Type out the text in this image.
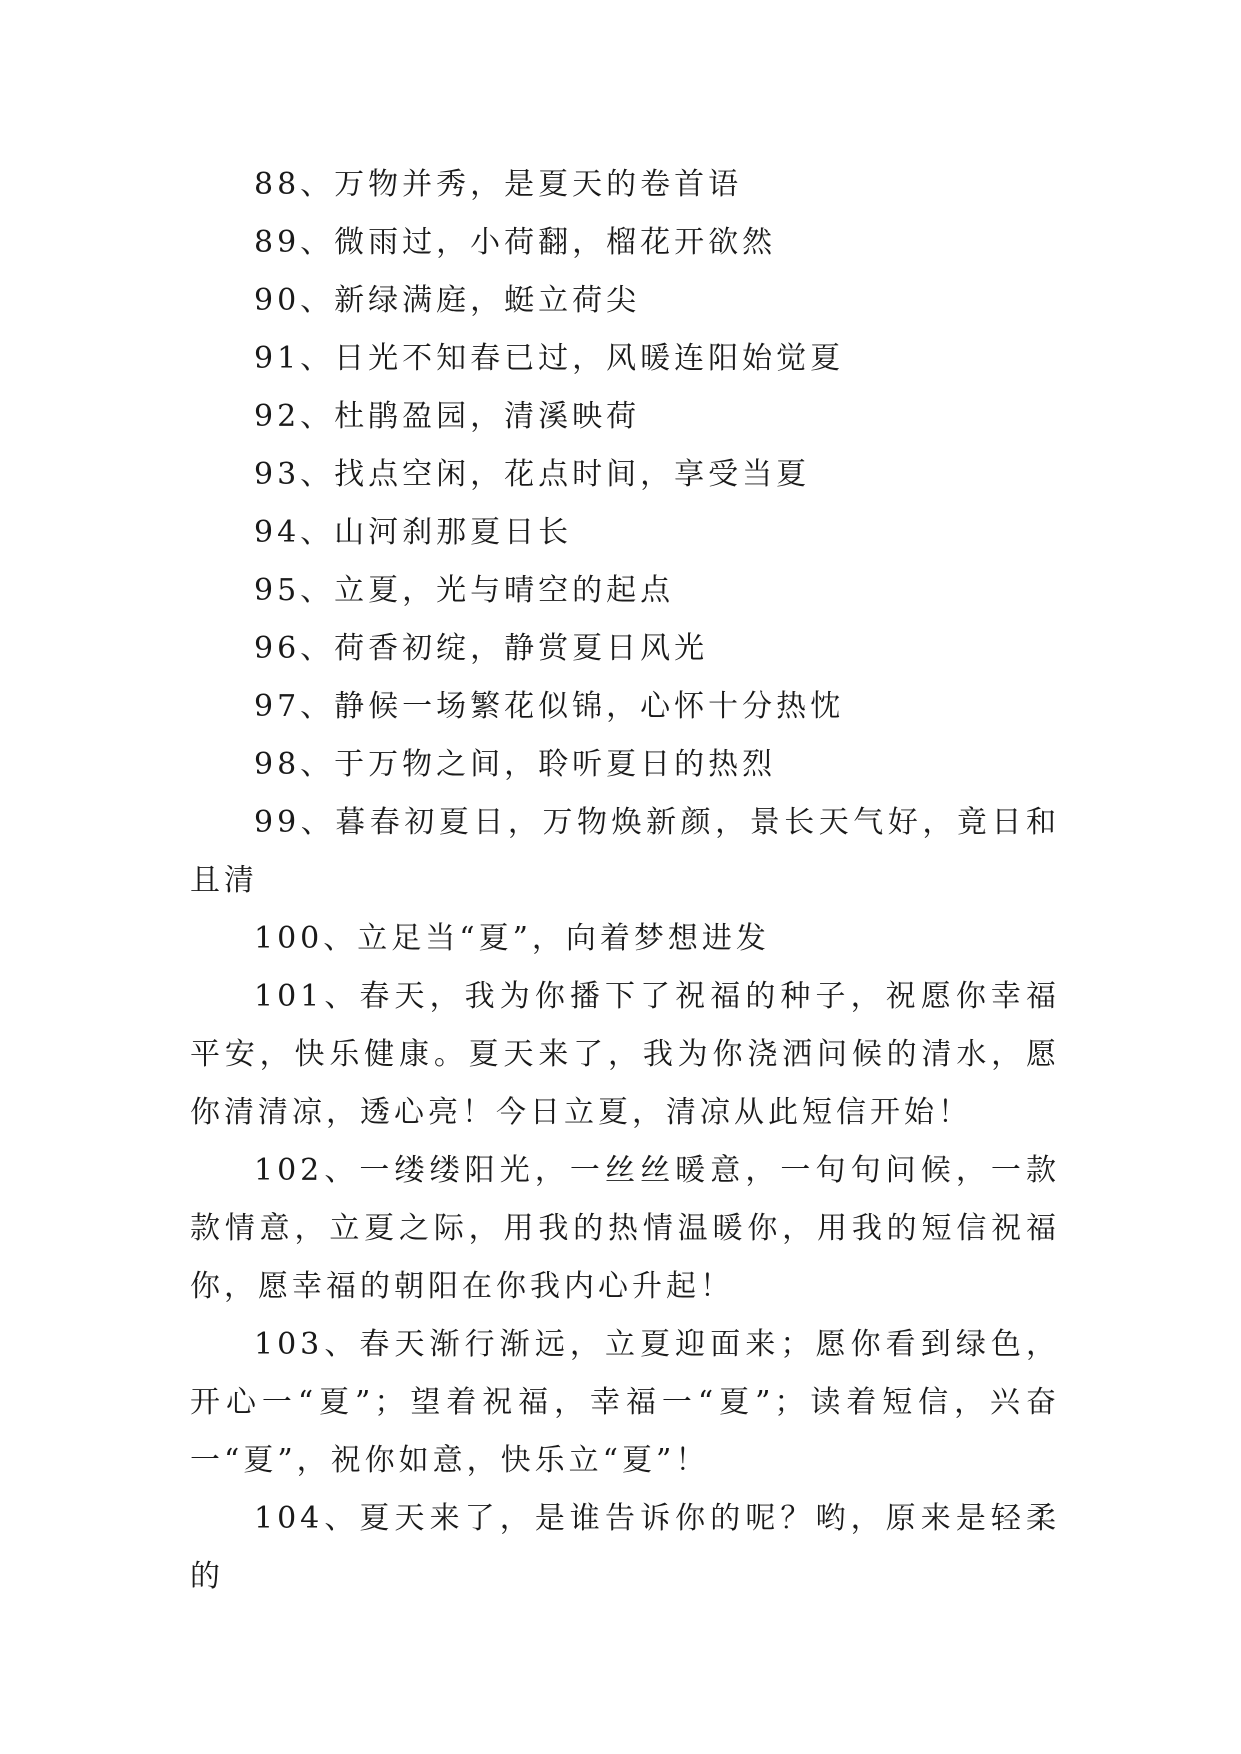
88、万物并秀，是夏天的卷首语

89、微雨过，小荷翻，榴花开欲然

90、新绿满庭，蜓立荷尖

91、日光不知春已过，风暖连阳始觉夏

92、杜鹃盈园，清溪映荷

93、找点空闲，花点时间，享受当夏

94、山河刹那夏日长

95、立夏，光与晴空的起点

96、荷香初绽，静赏夏日风光

97、静候一场繁花似锦，心怀十分热忱

98、于万物之间，聆听夏日的热烈

99、暮春初夏日，万物焕新颜，景长天气好，竟日和且清

100、立足当“夏”，向着梦想进发

101、春天，我为你播下了祝福的种子，祝愿你幸福平安，快乐健康。夏天来了，我为你浇洒问候的清水，愿你清清凉，透心亮！今日立夏，清凉从此短信开始！

102、一缕缕阳光，一丝丝暖意，一句句问候，一款款情意，立夏之际，用我的热情温暖你，用我的短信祝福你，愿幸福的朝阳在你我内心升起！

103、春天渐行渐远，立夏迎面来；愿你看到绿色，开心一“夏”；望着祝福，幸福一“夏”；读着短信，兴奋一“夏”，祝你如意，快乐立“夏”！

104、夏天来了，是谁告诉你的呢？哟，原来是轻柔的
